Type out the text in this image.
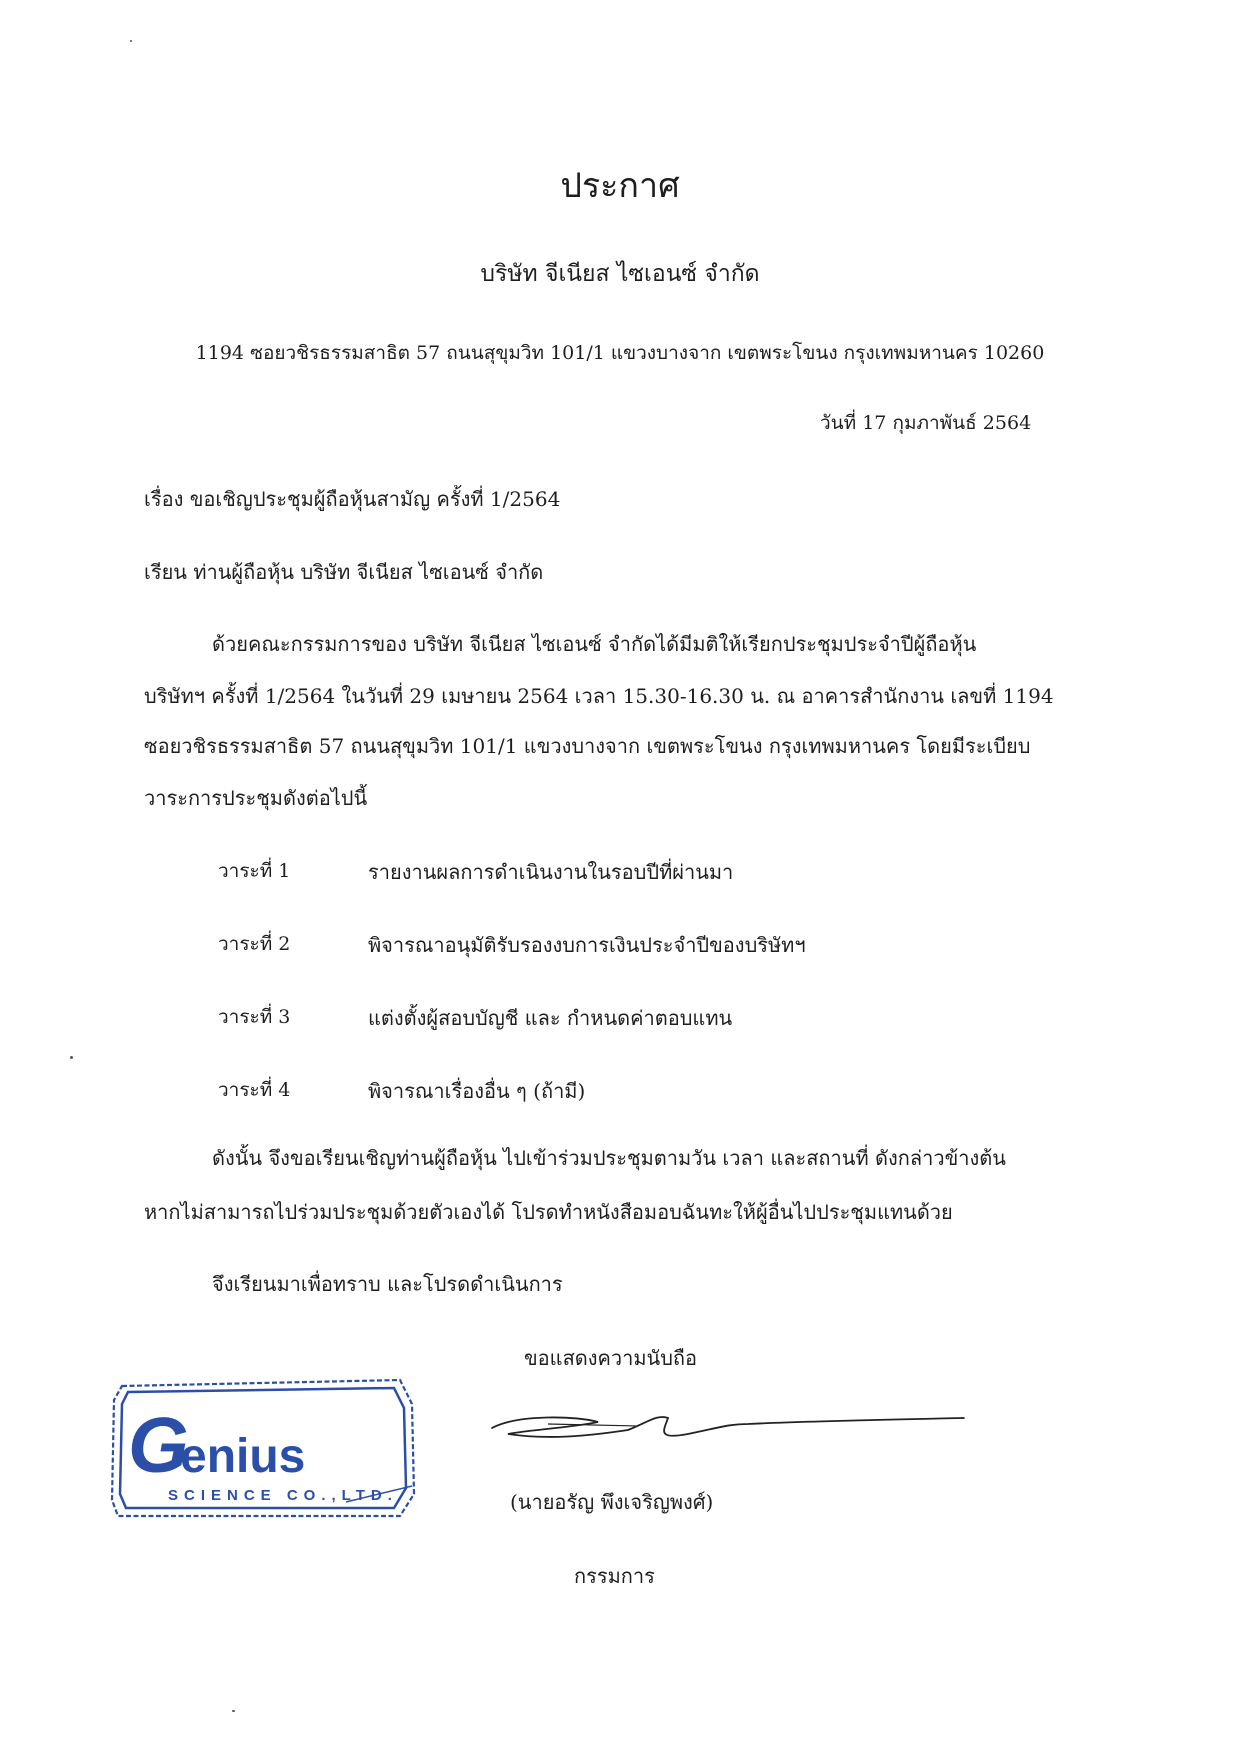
ประกาศ
บริษัท จีเนียส ไซเอนซ์ จำกัด
1194 ซอยวชิรธรรมสาธิต 57 ถนนสุขุมวิท 101/1 แขวงบางจาก เขตพระโขนง กรุงเทพมหานคร 10260
วันที่ 17 กุมภาพันธ์ 2564
เรื่อง ขอเชิญประชุมผู้ถือหุ้นสามัญ ครั้งที่ 1/2564
เรียน ท่านผู้ถือหุ้น บริษัท จีเนียส ไซเอนซ์ จำกัด
ด้วยคณะกรรมการของ บริษัท จีเนียส ไซเอนซ์ จำกัดได้มีมติให้เรียกประชุมประจำปีผู้ถือหุ้น
บริษัทฯ ครั้งที่ 1/2564 ในวันที่ 29 เมษายน 2564 เวลา 15.30-16.30 น. ณ อาคารสำนักงาน เลขที่ 1194
ซอยวชิรธรรมสาธิต 57 ถนนสุขุมวิท 101/1 แขวงบางจาก เขตพระโขนง กรุงเทพมหานคร โดยมีระเบียบ
วาระการประชุมดังต่อไปนี้
วาระที่ 1	รายงานผลการดำเนินงานในรอบปีที่ผ่านมา
วาระที่ 2	พิจารณาอนุมัติรับรองงบการเงินประจำปีของบริษัทฯ
วาระที่ 3	แต่งตั้งผู้สอบบัญชี และ กำหนดค่าตอบแทน
วาระที่ 4	พิจารณาเรื่องอื่น ๆ (ถ้ามี)
ดังนั้น จึงขอเรียนเชิญท่านผู้ถือหุ้น ไปเข้าร่วมประชุมตามวัน เวลา และสถานที่ ดังกล่าวข้างต้น
หากไม่สามารถไปร่วมประชุมด้วยตัวเองได้ โปรดทำหนังสือมอบฉันทะให้ผู้อื่นไปประชุมแทนด้วย
จึงเรียนมาเพื่อทราบ และโปรดดำเนินการ
ขอแสดงความนับถือ
G
enius
SCIENCE CO.,LTD.	(นายอรัญ พึงเจริญพงศ์)
กรรมการ
